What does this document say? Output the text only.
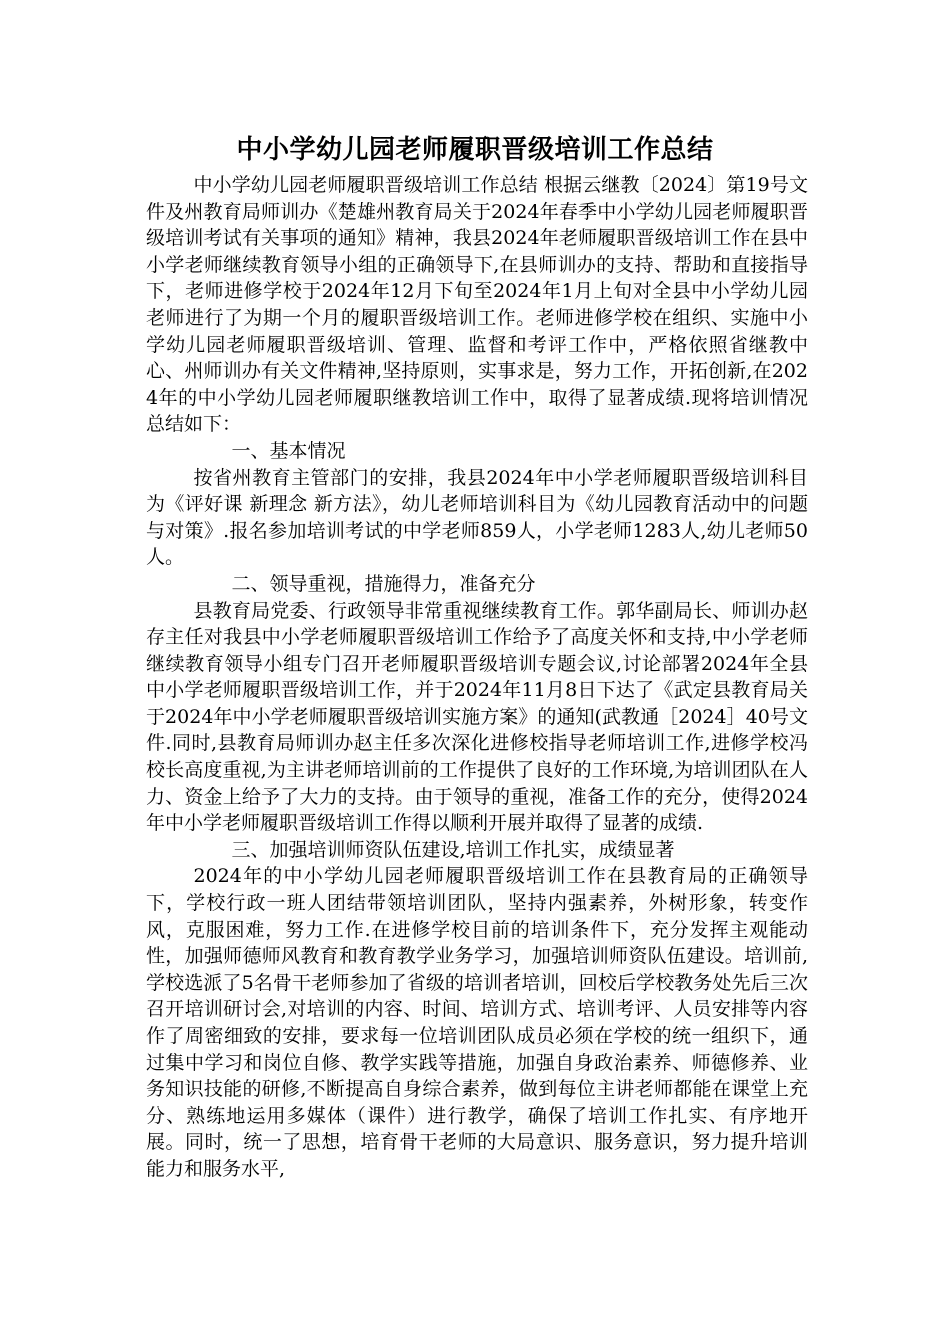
中小学幼儿园老师履职晋级培训工作总结

中小学幼儿园老师履职晋级培训工作总结 根据云继教〔2024〕第19号文件及州教育局师训办《楚雄州教育局关于2024年春季中小学幼儿园老师履职晋级培训考试有关事项的通知》精神，我县2024年老师履职晋级培训工作在县中小学老师继续教育领导小组的正确领导下,在县师训办的支持、帮助和直接指导下，老师进修学校于2024年12月下旬至2024年1月上旬对全县中小学幼儿园老师进行了为期一个月的履职晋级培训工作。老师进修学校在组织、实施中小学幼儿园老师履职晋级培训、管理、监督和考评工作中，严格依照省继教中心、州师训办有关文件精神,坚持原则，实事求是，努力工作，开拓创新,在2024年的中小学幼儿园老师履职继教培训工作中，取得了显著成绩.现将培训情况总结如下：

一、基本情况

按省州教育主管部门的安排，我县2024年中小学老师履职晋级培训科目为《评好课 新理念 新方法》，幼儿老师培训科目为《幼儿园教育活动中的问题与对策》.报名参加培训考试的中学老师859人，小学老师1283人,幼儿老师50人。

二、领导重视，措施得力，准备充分

县教育局党委、行政领导非常重视继续教育工作。郭华副局长、师训办赵存主任对我县中小学老师履职晋级培训工作给予了高度关怀和支持,中小学老师继续教育领导小组专门召开老师履职晋级培训专题会议,讨论部署2024年全县中小学老师履职晋级培训工作，并于2024年11月8日下达了《武定县教育局关于2024年中小学老师履职晋级培训实施方案》的通知(武教通［2024］40号文件.同时,县教育局师训办赵主任多次深化进修校指导老师培训工作,进修学校冯校长高度重视,为主讲老师培训前的工作提供了良好的工作环境,为培训团队在人力、资金上给予了大力的支持。由于领导的重视，准备工作的充分，使得2024年中小学老师履职晋级培训工作得以顺利开展并取得了显著的成绩.

三、加强培训师资队伍建设,培训工作扎实，成绩显著

2024年的中小学幼儿园老师履职晋级培训工作在县教育局的正确领导下，学校行政一班人团结带领培训团队，坚持内强素养，外树形象，转变作风，克服困难，努力工作.在进修学校目前的培训条件下，充分发挥主观能动性，加强师德师风教育和教育教学业务学习，加强培训师资队伍建设。培训前,学校选派了5名骨干老师参加了省级的培训者培训，回校后学校教务处先后三次召开培训研讨会,对培训的内容、时间、培训方式、培训考评、人员安排等内容作了周密细致的安排，要求每一位培训团队成员必须在学校的统一组织下，通过集中学习和岗位自修、教学实践等措施，加强自身政治素养、师德修养、业务知识技能的研修,不断提高自身综合素养，做到每位主讲老师都能在课堂上充分、熟练地运用多媒体（课件）进行教学，确保了培训工作扎实、有序地开展。同时，统一了思想，培育骨干老师的大局意识、服务意识，努力提升培训能力和服务水平,
